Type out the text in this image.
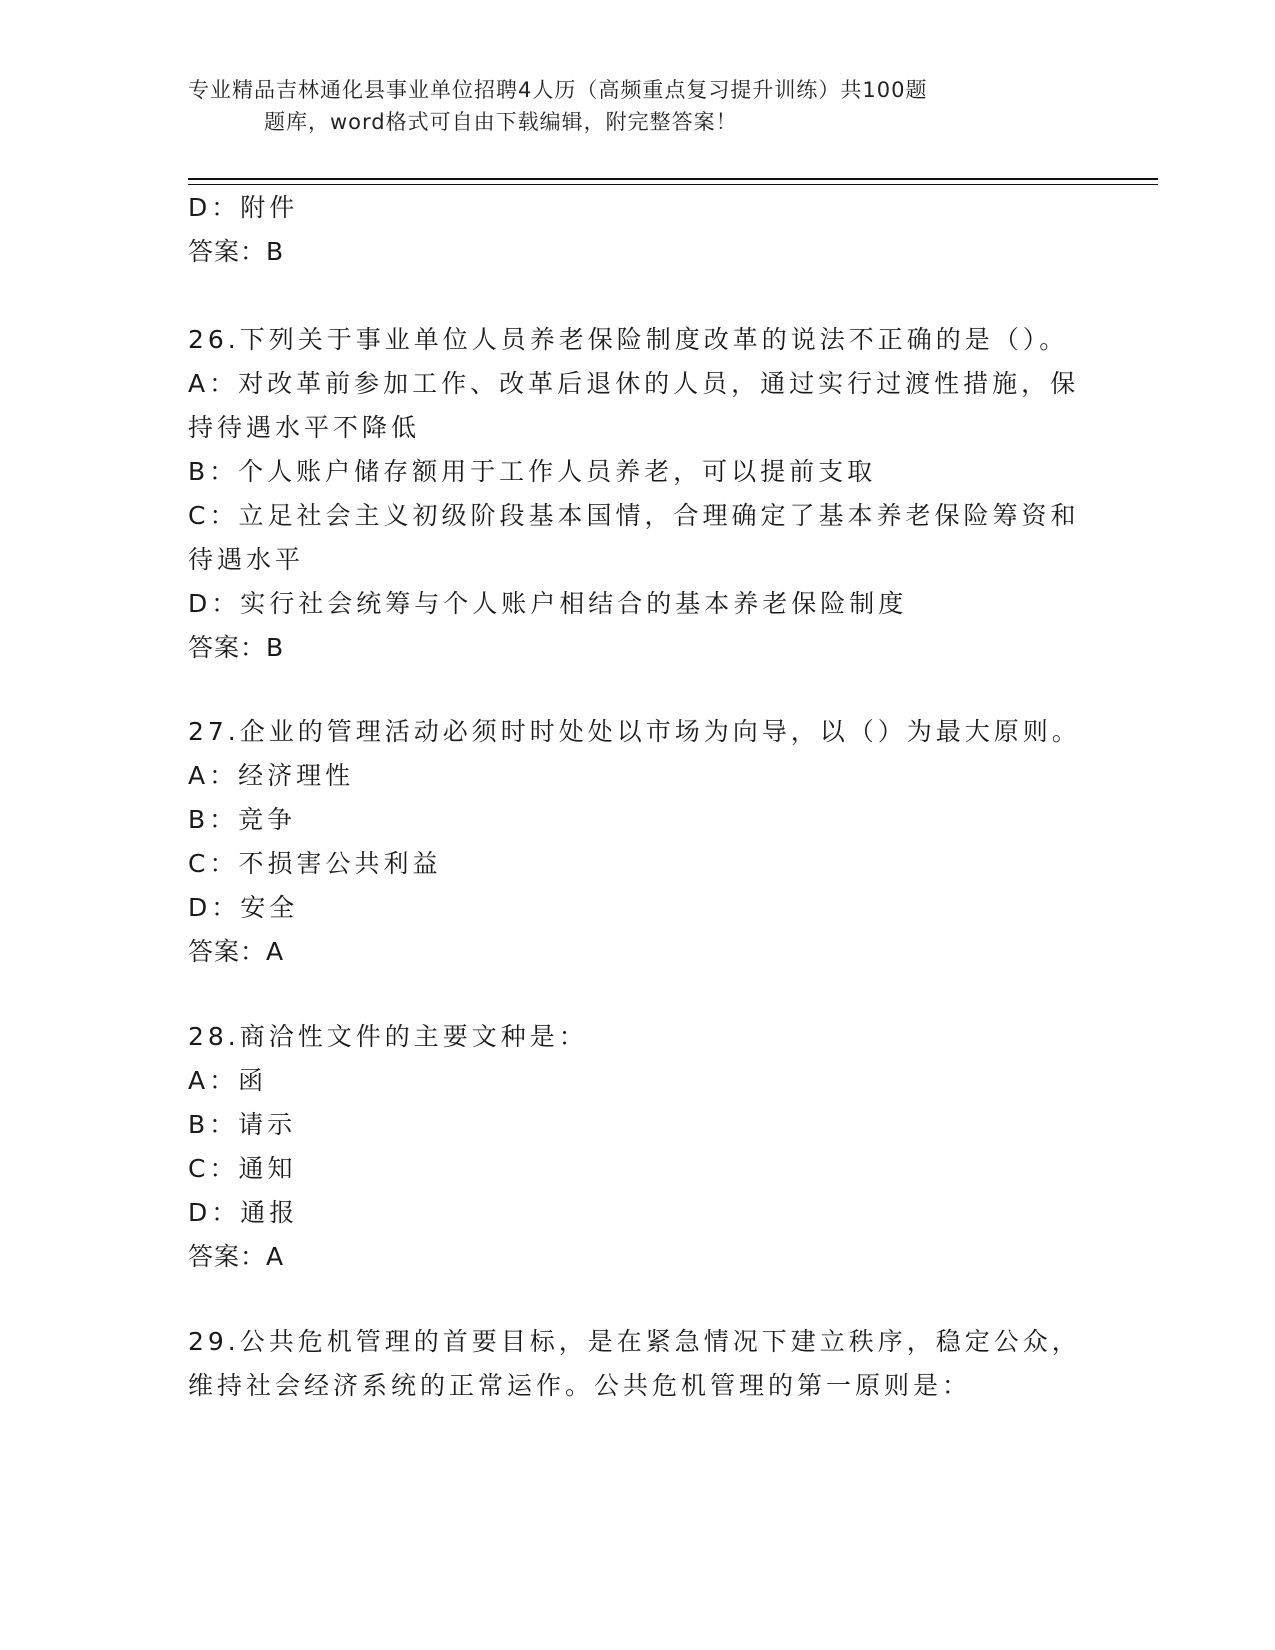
专业精品吉林通化县事业单位招聘4人历（高频重点复习提升训练）共100题
题库，word格式可自由下载编辑，附完整答案！
D：附件
答案：B
26.下列关于事业单位人员养老保险制度改革的说法不正确的是（）。
A：对改革前参加工作、改革后退休的人员，通过实行过渡性措施，保
持待遇水平不降低
B：个人账户储存额用于工作人员养老，可以提前支取
C：立足社会主义初级阶段基本国情，合理确定了基本养老保险筹资和
待遇水平
D：实行社会统筹与个人账户相结合的基本养老保险制度
答案：B
27.企业的管理活动必须时时处处以市场为向导，以（）为最大原则。
A：经济理性
B：竞争
C：不损害公共利益
D：安全
答案：A
28.商洽性文件的主要文种是：
A：函
B：请示
C：通知
D：通报
答案：A
29.公共危机管理的首要目标，是在紧急情况下建立秩序，稳定公众，
维持社会经济系统的正常运作。公共危机管理的第一原则是：
